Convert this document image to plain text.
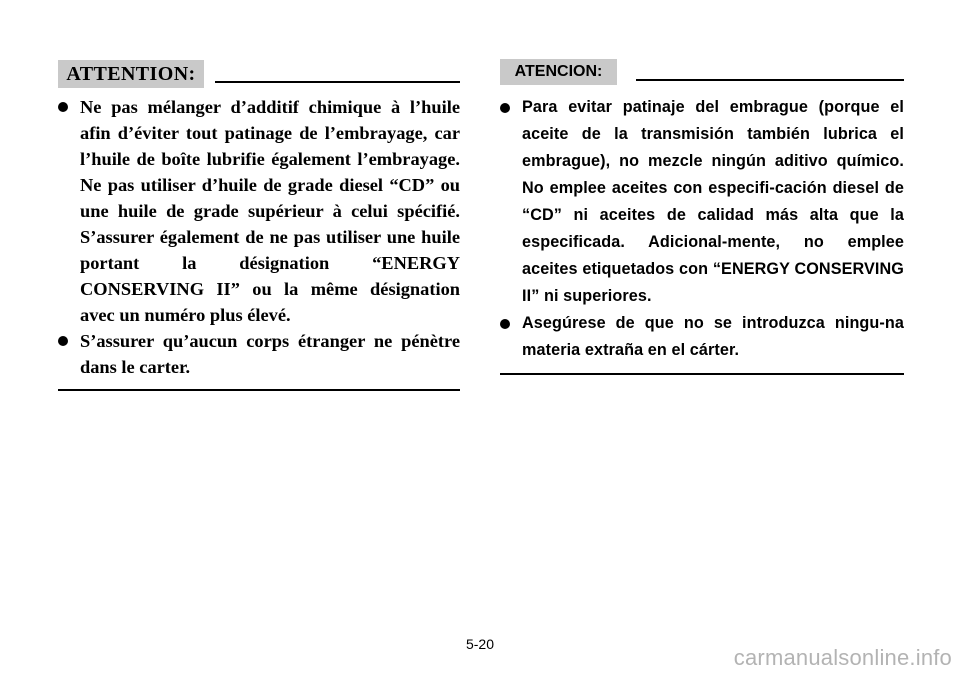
ATTENTION:
Ne pas mélanger d’additif chimique à l’huile afin d’éviter tout patinage de l’embrayage, car l’huile de boîte lubrifie également l’embrayage. Ne pas utiliser d’huile de grade diesel “CD” ou une huile de grade supérieur à celui spécifié. S’assurer également de ne pas utiliser une huile portant la désignation “ENERGY CONSERVING II” ou la même désignation avec un numéro plus élevé.
S’assurer qu’aucun corps étranger ne pénètre dans le carter.
ATENCION:
Para evitar patinaje del embrague (porque el aceite de la transmisión también lubrica el embrague), no mezcle ningún aditivo químico. No emplee aceites con especifi-cación diesel de “CD” ni aceites de calidad más alta que la especificada. Adicional-mente, no emplee aceites etiquetados con “ENERGY CONSERVING II” ni superiores.
Asegúrese de que no se introduzca ningu-na materia extraña en el cárter.
5-20
carmanualsonline.info
